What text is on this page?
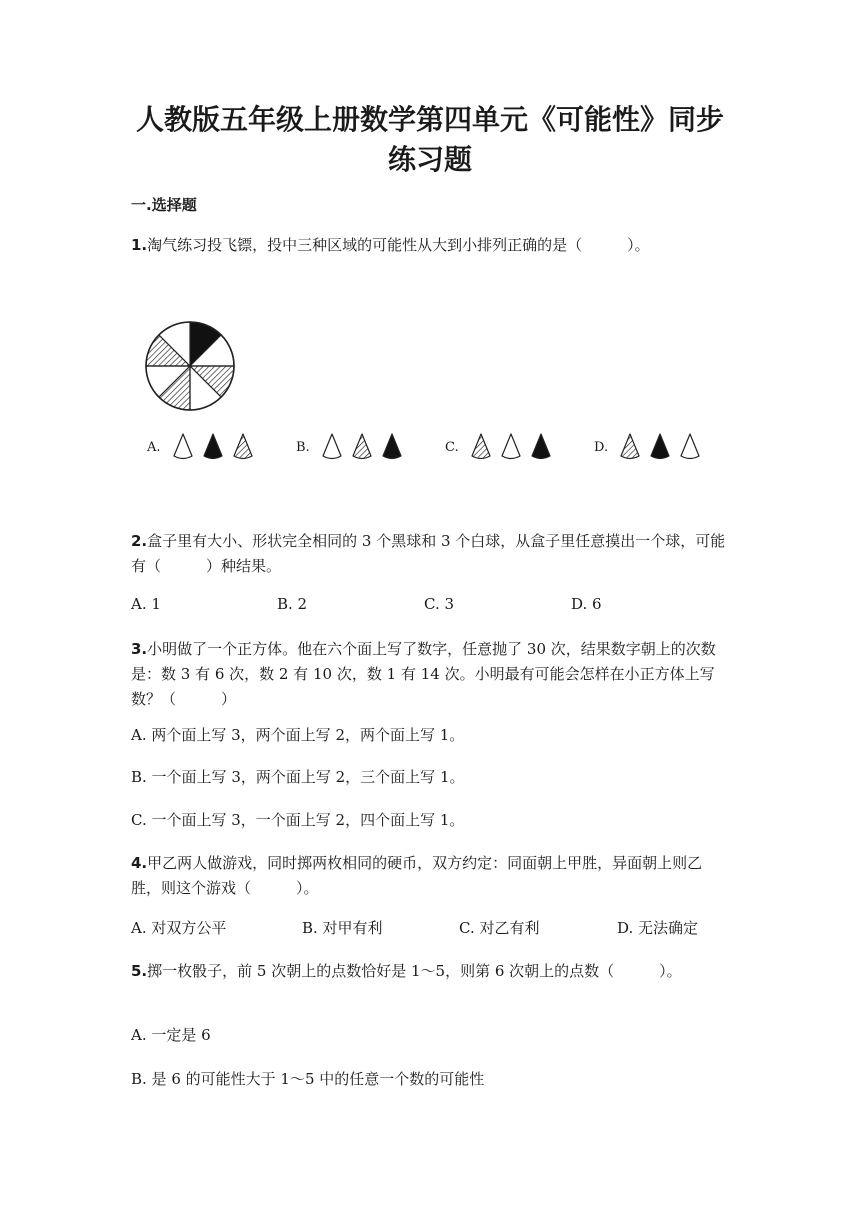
人教版五年级上册数学第四单元《可能性》同步练习题
一.选择题

1.淘气练习投飞镖，投中三种区域的可能性从大到小排列正确的是（　　　）。

A.	B.	C.	D.

2.盒子里有大小、形状完全相同的 3 个黑球和 3 个白球，从盒子里任意摸出一个球，可能有（　　　）种结果。

A. 1	B. 2	C. 3	D. 6

3.小明做了一个正方体。他在六个面上写了数字，任意抛了 30 次，结果数字朝上的次数是：数 3 有 6 次，数 2 有 10 次，数 1 有 14 次。小明最有可能会怎样在小正方体上写数？（　　　）

A. 两个面上写 3，两个面上写 2，两个面上写 1。
B. 一个面上写 3，两个面上写 2，三个面上写 1。
C. 一个面上写 3，一个面上写 2，四个面上写 1。

4.甲乙两人做游戏，同时掷两枚相同的硬币，双方约定：同面朝上甲胜，异面朝上则乙胜，则这个游戏（　　　）。

A. 对双方公平	B. 对甲有利	C. 对乙有利	D. 无法确定

5.掷一枚骰子，前 5 次朝上的点数恰好是 1～5，则第 6 次朝上的点数（　　　）。

A. 一定是 6
B. 是 6 的可能性大于 1～5 中的任意一个数的可能性
